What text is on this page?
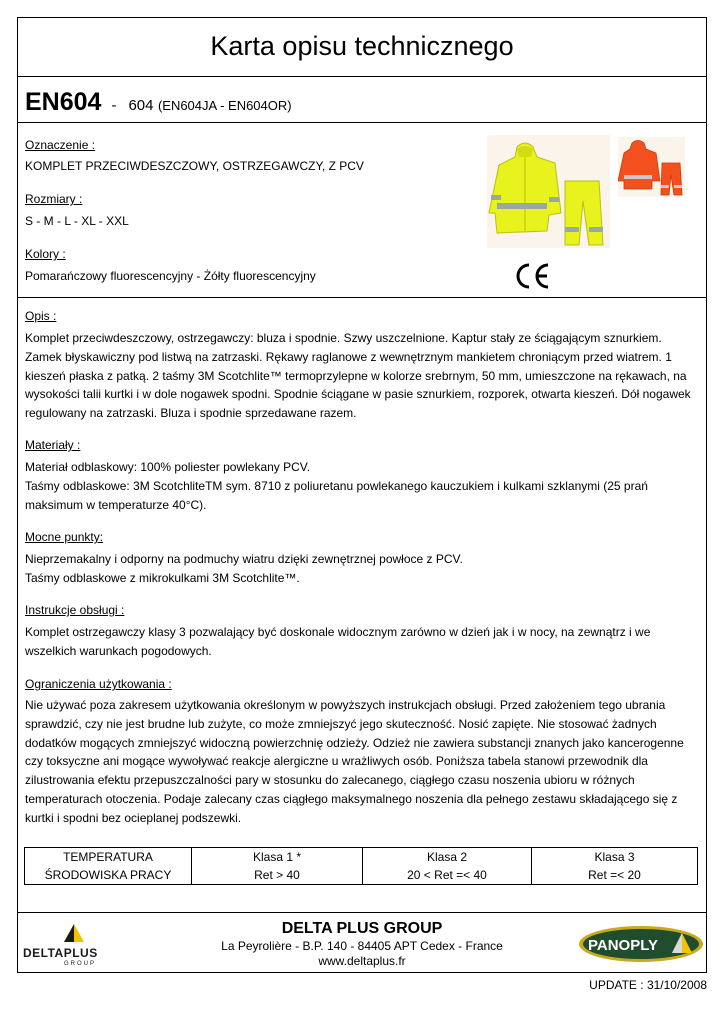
Karta opisu technicznego
EN604 - 604 (EN604JA - EN604OR)
Oznaczenie :
KOMPLET PRZECIWDESZCZOWY, OSTRZEGAWCZY, Z PCV
Rozmiary :
S - M - L - XL - XXL
Kolory :
Pomarańczowy fluorescencyjny - Żółty fluorescencyjny
Opis :
Komplet przeciwdeszczowy, ostrzegawczy: bluza i spodnie. Szwy uszczelnione. Kaptur stały ze ściągającym sznurkiem.
Zamek błyskawiczny pod listwą na zatrzaski. Rękawy raglanowe z wewnętrznym mankietem chroniącym przed wiatrem. 1
kieszeń płaska z patką. 2 taśmy 3M Scotchlite™ termoprzylepne w kolorze srebrnym, 50 mm, umieszczone na rękawach, na
wysokości talii kurtki i w dole nogawek spodni. Spodnie ściągane w pasie sznurkiem, rozporek, otwarta kieszeń. Dół nogawek
regulowany na zatrzaski. Bluza i spodnie sprzedawane razem.
Materiały :
Materiał odblaskowy: 100% poliester powlekany PCV.
Taśmy odblaskowe: 3M ScotchliteTM sym. 8710 z poliuretanu powlekanego kauczukiem i kulkami szklanymi (25 prań
maksimum w temperaturze 40°C).
Mocne punkty:
Nieprzemakalny i odporny na podmuchy wiatru dzięki zewnętrznej powłoce z PCV.
Taśmy odblaskowe z mikrokulkami 3M Scotchlite™.
Instrukcje obsługi :
Komplet ostrzegawczy klasy 3 pozwalający być doskonale widocznym zarówno w dzień jak i w nocy, na zewnątrz i we
wszelkich warunkach pogodowych.
Ograniczenia użytkowania :
Nie używać poza zakresem użytkowania określonym w powyższych instrukcjach obsługi. Przed założeniem tego ubrania
sprawdzić, czy nie jest brudne lub zużyte, co może zmniejszyć jego skuteczność. Nosić zapięte. Nie stosować żadnych
dodatków mogących zmniejszyć widoczną powierzchnię odzieży. Odzież nie zawiera substancji znanych jako kancerogenne
czy toksyczne ani mogące wywoływać reakcje alergiczne u wrażliwych osób. Poniższa tabela stanowi przewodnik dla
zilustrowania efektu przepuszczalności pary w stosunku do zalecanego, ciągłego czasu noszenia ubioru w różnych
temperaturach otoczenia. Podaje zalecany czas ciągłego maksymalnego noszenia dla pełnego zestawu składającego się z
kurtki i spodni bez ocieplanej podszewki.
TEMPERATURA	Klasa 1 *	Klasa 2	Klasa 3
ŚRODOWISKA PRACY	Ret > 40	20 < Ret =< 40	Ret =< 20
DELTAPLUS
GROUP
DELTA PLUS GROUP
La Peyrolière - B.P. 140 - 84405 APT Cedex - France
www.deltaplus.fr
PANOPLY
UPDATE : 31/10/2008
